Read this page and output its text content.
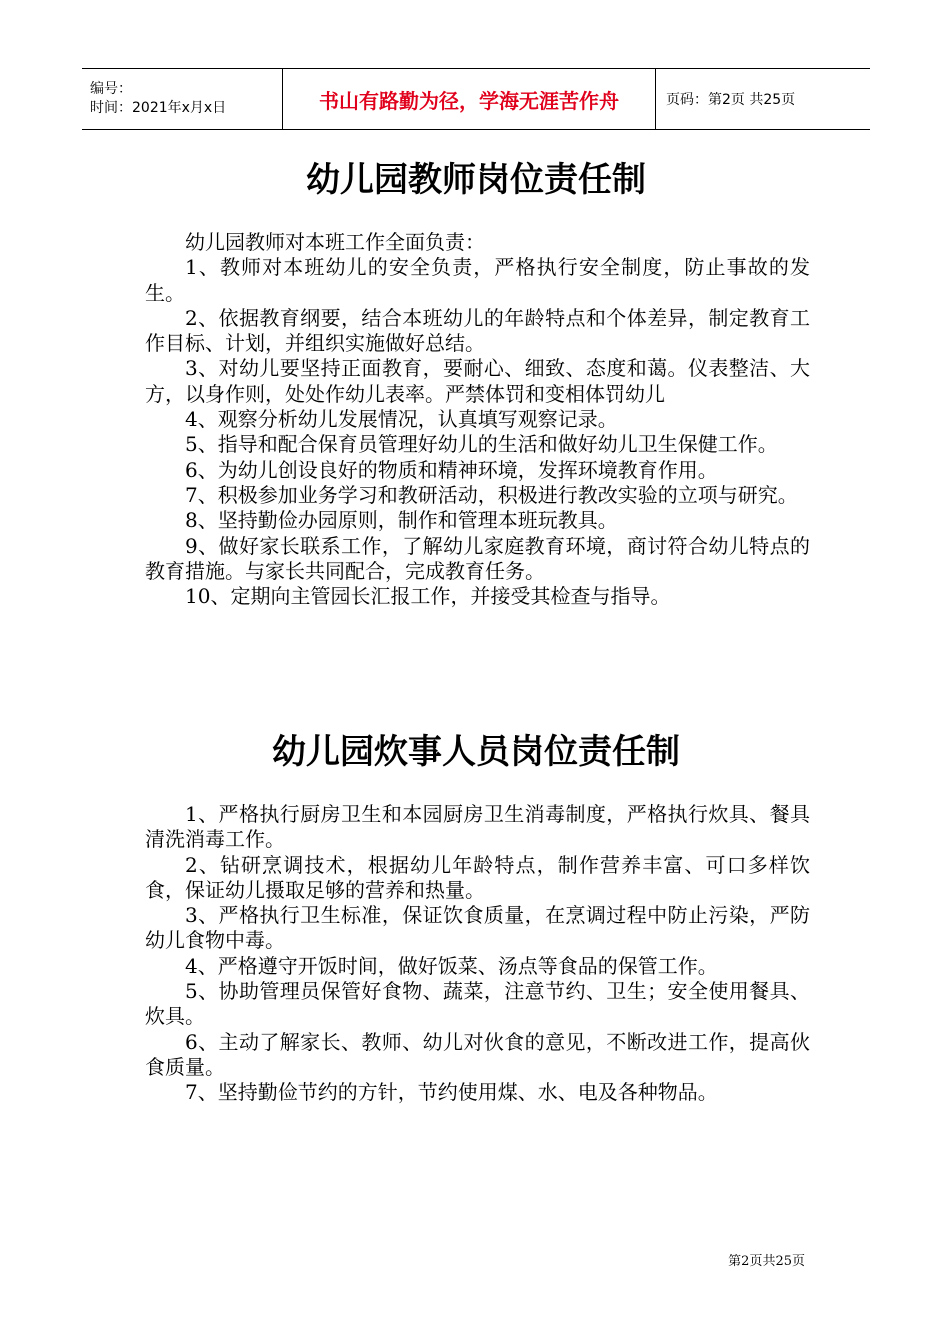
编号：
时间：2021年x月x日	书山有路勤为径，学海无涯苦作舟	页码：第2页 共25页
幼儿园教师岗位责任制

幼儿园教师对本班工作全面负责：

1、教师对本班幼儿的安全负责，严格执行安全制度，防止事故的发生。

2、依据教育纲要，结合本班幼儿的年龄特点和个体差异，制定教育工作目标、计划，并组织实施做好总结。

3、对幼儿要坚持正面教育，要耐心、细致、态度和蔼。仪表整洁、大方，以身作则，处处作幼儿表率。严禁体罚和变相体罚幼儿

4、观察分析幼儿发展情况，认真填写观察记录。

5、指导和配合保育员管理好幼儿的生活和做好幼儿卫生保健工作。

6、为幼儿创设良好的物质和精神环境，发挥环境教育作用。

7、积极参加业务学习和教研活动，积极进行教改实验的立项与研究。

8、坚持勤俭办园原则，制作和管理本班玩教具。

9、做好家长联系工作，了解幼儿家庭教育环境，商讨符合幼儿特点的教育措施。与家长共同配合，完成教育任务。

10、定期向主管园长汇报工作，并接受其检查与指导。

幼儿园炊事人员岗位责任制

1、严格执行厨房卫生和本园厨房卫生消毒制度，严格执行炊具、餐具清洗消毒工作。

2、钻研烹调技术，根据幼儿年龄特点，制作营养丰富、可口多样饮食，保证幼儿摄取足够的营养和热量。

3、严格执行卫生标准，保证饮食质量，在烹调过程中防止污染，严防幼儿食物中毒。

4、严格遵守开饭时间，做好饭菜、汤点等食品的保管工作。

5、协助管理员保管好食物、蔬菜，注意节约、卫生；安全使用餐具、炊具。

6、主动了解家长、教师、幼儿对伙食的意见，不断改进工作，提高伙食质量。

7、坚持勤俭节约的方针，节约使用煤、水、电及各种物品。

第2页共25页
